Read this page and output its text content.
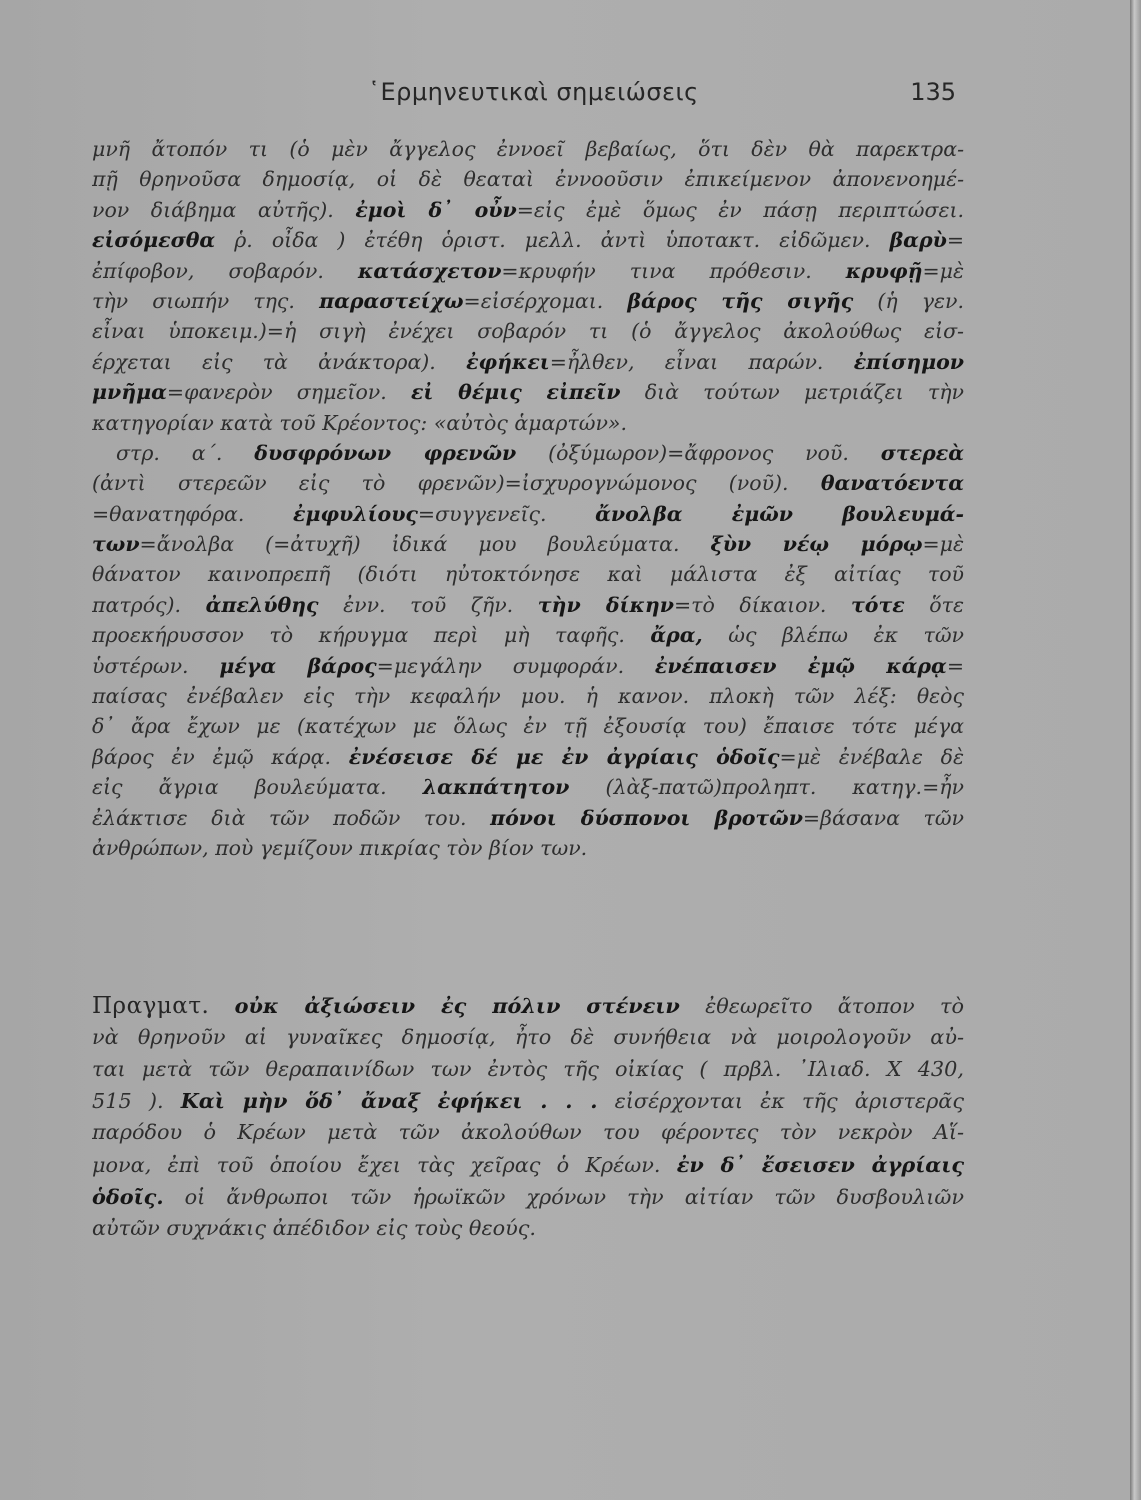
῾Ερμηνευτικαὶ σημειώσεις	135
μνῆ ἄτοπόν τι (ὁ μὲν ἄγγελος ἐννοεῖ βεβαίως, ὅτι δὲν θὰ παρεκτρα-
πῇ θρηνοῦσα δημοσίᾳ, οἱ δὲ θεαταὶ ἐννοοῦσιν ἐπικείμενον ἀπονενοημέ-
νον διάβημα αὐτῆς). ἐμοὶ δ᾽ οὖν=εἰς ἐμὲ ὅμως ἐν πάσῃ περιπτώσει.
εἰσόμεσθα ῥ. οἶδα ) ἐτέθη ὁριστ. μελλ. ἀντὶ ὑποτακτ. εἰδῶμεν. βαρὺ=
ἐπίφοβον, σοβαρόν. κατάσχετον=κρυφήν τινα πρόθεσιν. κρυφῇ=μὲ
τὴν σιωπήν της. παραστείχω=εἰσέρχομαι. βάρος τῆς σιγῆς (ἡ γεν.
εἶναι ὑποκειμ.)=ἡ σιγὴ ἐνέχει σοβαρόν τι (ὁ ἄγγελος ἀκολούθως εἰσ-
έρχεται εἰς τὰ ἀνάκτορα). ἐφήκει=ἦλθεν, εἶναι παρών. ἐπίσημον
μνῆμα=φανερὸν σημεῖον. εἰ θέμις εἰπεῖν διὰ τούτων μετριάζει τὴν
κατηγορίαν κατὰ τοῦ Κρέοντος: «αὐτὸς ἁμαρτών».
στρ. α΄. δυσφρόνων φρενῶν (ὀξύμωρον)=ἄφρονος νοῦ. στερεὰ
(ἀντὶ στερεῶν εἰς τὸ φρενῶν)=ἰσχυρογνώμονος (νοῦ). θανατόεντα
=θανατηφόρα. ἐμφυλίους=συγγενεῖς. ἄνολβα ἐμῶν βουλευμά-
των=ἄνολβα (=ἀτυχῆ) ἰδικά μου βουλεύματα. ξὺν νέῳ μόρῳ=μὲ
θάνατον καινοπρεπῆ (διότι ηὐτοκτόνησε καὶ μάλιστα ἐξ αἰτίας τοῦ
πατρός). ἀπελύθης ἐνν. τοῦ ζῆν. τὴν δίκην=τὸ δίκαιον. τότε ὅτε
προεκήρυσσον τὸ κήρυγμα περὶ μὴ ταφῆς. ἄρα, ὡς βλέπω ἐκ τῶν
ὑστέρων. μέγα βάρος=μεγάλην συμφοράν. ἐνέπαισεν ἐμῷ κάρᾳ=
παίσας ἐνέβαλεν εἰς τὴν κεφαλήν μου. ἡ κανον. πλοκὴ τῶν λέξ: θεὸς
δ᾽ ἄρα ἔχων με (κατέχων με ὅλως ἐν τῇ ἐξουσίᾳ του) ἔπαισε τότε μέγα
βάρος ἐν ἐμῷ κάρᾳ. ἐνέσεισε δέ με ἐν ἀγρίαις ὁδοῖς=μὲ ἐνέβαλε δὲ
εἰς ἄγρια βουλεύματα. λακπάτητον (λὰξ-πατῶ)προληπτ. κατηγ.=ἦν
ἐλάκτισε διὰ τῶν ποδῶν του. πόνοι δύσπονοι βροτῶν=βάσανα τῶν
ἀνθρώπων, ποὺ γεμίζουν πικρίας τὸν βίον των.
Πραγματ. οὐκ ἀξιώσειν ἐς πόλιν στένειν ἐθεωρεῖτο ἄτοπον τὸ
νὰ θρηνοῦν αἱ γυναῖκες δημοσίᾳ, ἦτο δὲ συνήθεια νὰ μοιρολογοῦν αὐ-
ται μετὰ τῶν θεραπαινίδων των ἐντὸς τῆς οἰκίας ( πρβλ. ᾽Ιλιαδ. Χ 430,
515 ). Καὶ μὴν ὅδ᾽ ἄναξ ἐφήκει . . . εἰσέρχονται ἐκ τῆς ἀριστερᾶς
παρόδου ὁ Κρέων μετὰ τῶν ἀκολούθων του φέροντες τὸν νεκρὸν Αἵ-
μονα, ἐπὶ τοῦ ὁποίου ἔχει τὰς χεῖρας ὁ Κρέων. ἐν δ᾽ ἔσεισεν ἀγρίαις
ὁδοῖς. οἱ ἄνθρωποι τῶν ἡρωϊκῶν χρόνων τὴν αἰτίαν τῶν δυσβουλιῶν
αὐτῶν συχνάκις ἀπέδιδον εἰς τοὺς θεούς.
